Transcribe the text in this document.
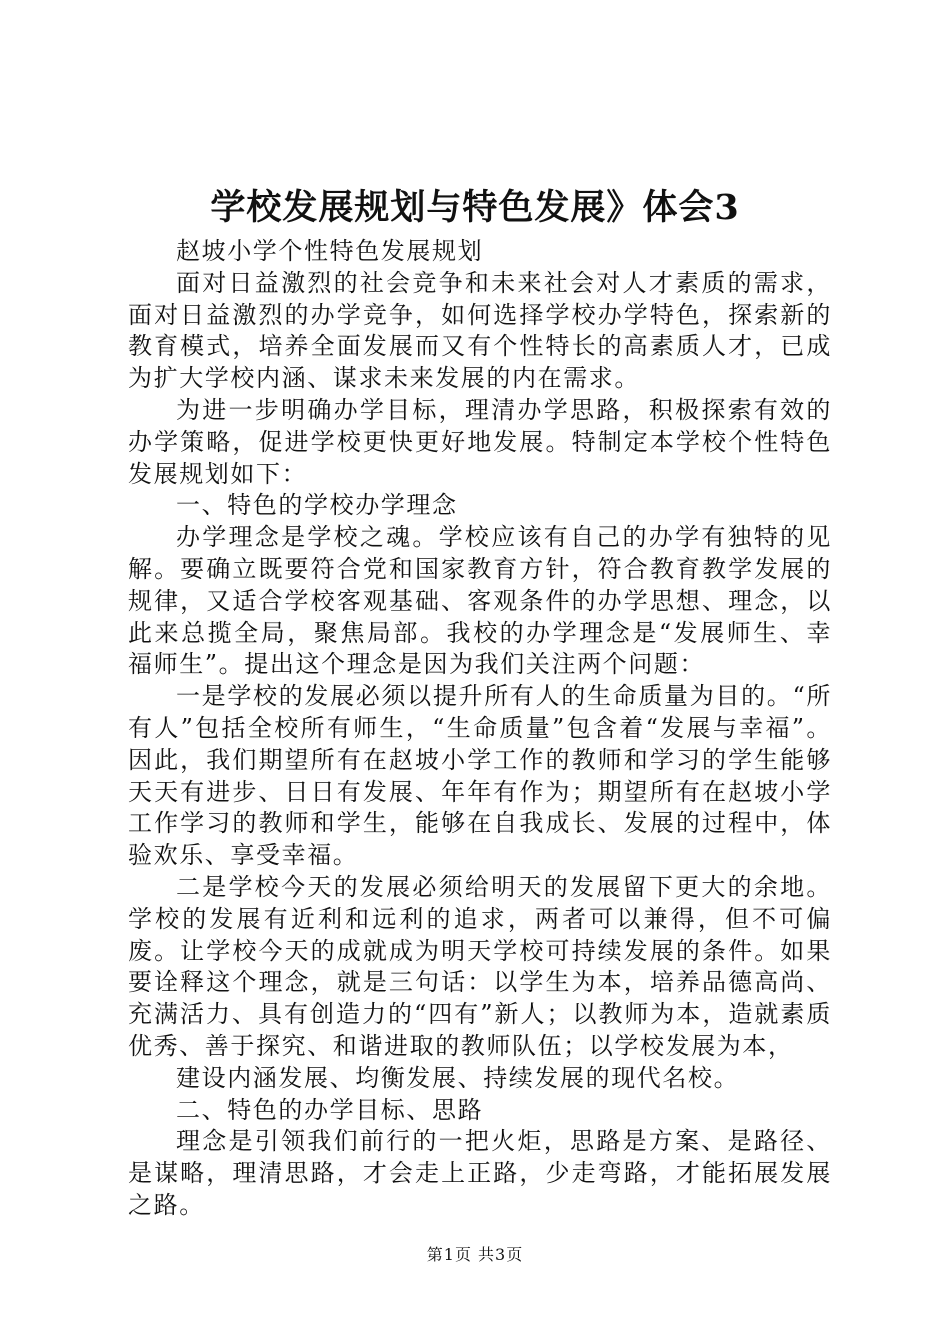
学校发展规划与特色发展》体会3

赵坡小学个性特色发展规划

面对日益激烈的社会竞争和未来社会对人才素质的需求，面对日益激烈的办学竞争，如何选择学校办学特色，探索新的教育模式，培养全面发展而又有个性特长的高素质人才，已成为扩大学校内涵、谋求未来发展的内在需求。

为进一步明确办学目标，理清办学思路，积极探索有效的办学策略，促进学校更快更好地发展。特制定本学校个性特色发展规划如下：

一、特色的学校办学理念

办学理念是学校之魂。学校应该有自己的办学有独特的见解。要确立既要符合党和国家教育方针，符合教育教学发展的规律，又适合学校客观基础、客观条件的办学思想、理念，以此来总揽全局，聚焦局部。我校的办学理念是“发展师生、幸福师生”。提出这个理念是因为我们关注两个问题：

一是学校的发展必须以提升所有人的生命质量为目的。“所有人”包括全校所有师生，“生命质量”包含着“发展与幸福”。因此，我们期望所有在赵坡小学工作的教师和学习的学生能够天天有进步、日日有发展、年年有作为；期望所有在赵坡小学工作学习的教师和学生，能够在自我成长、发展的过程中，体验欢乐、享受幸福。

二是学校今天的发展必须给明天的发展留下更大的余地。学校的发展有近利和远利的追求，两者可以兼得，但不可偏废。让学校今天的成就成为明天学校可持续发展的条件。如果要诠释这个理念，就是三句话：以学生为本，培养品德高尚、充满活力、具有创造力的“四有”新人；以教师为本，造就素质优秀、善于探究、和谐进取的教师队伍；以学校发展为本，

建设内涵发展、均衡发展、持续发展的现代名校。

二、特色的办学目标、思路

理念是引领我们前行的一把火炬，思路是方案、是路径、是谋略，理清思路，才会走上正路，少走弯路，才能拓展发展之路。

第1页 共3页
